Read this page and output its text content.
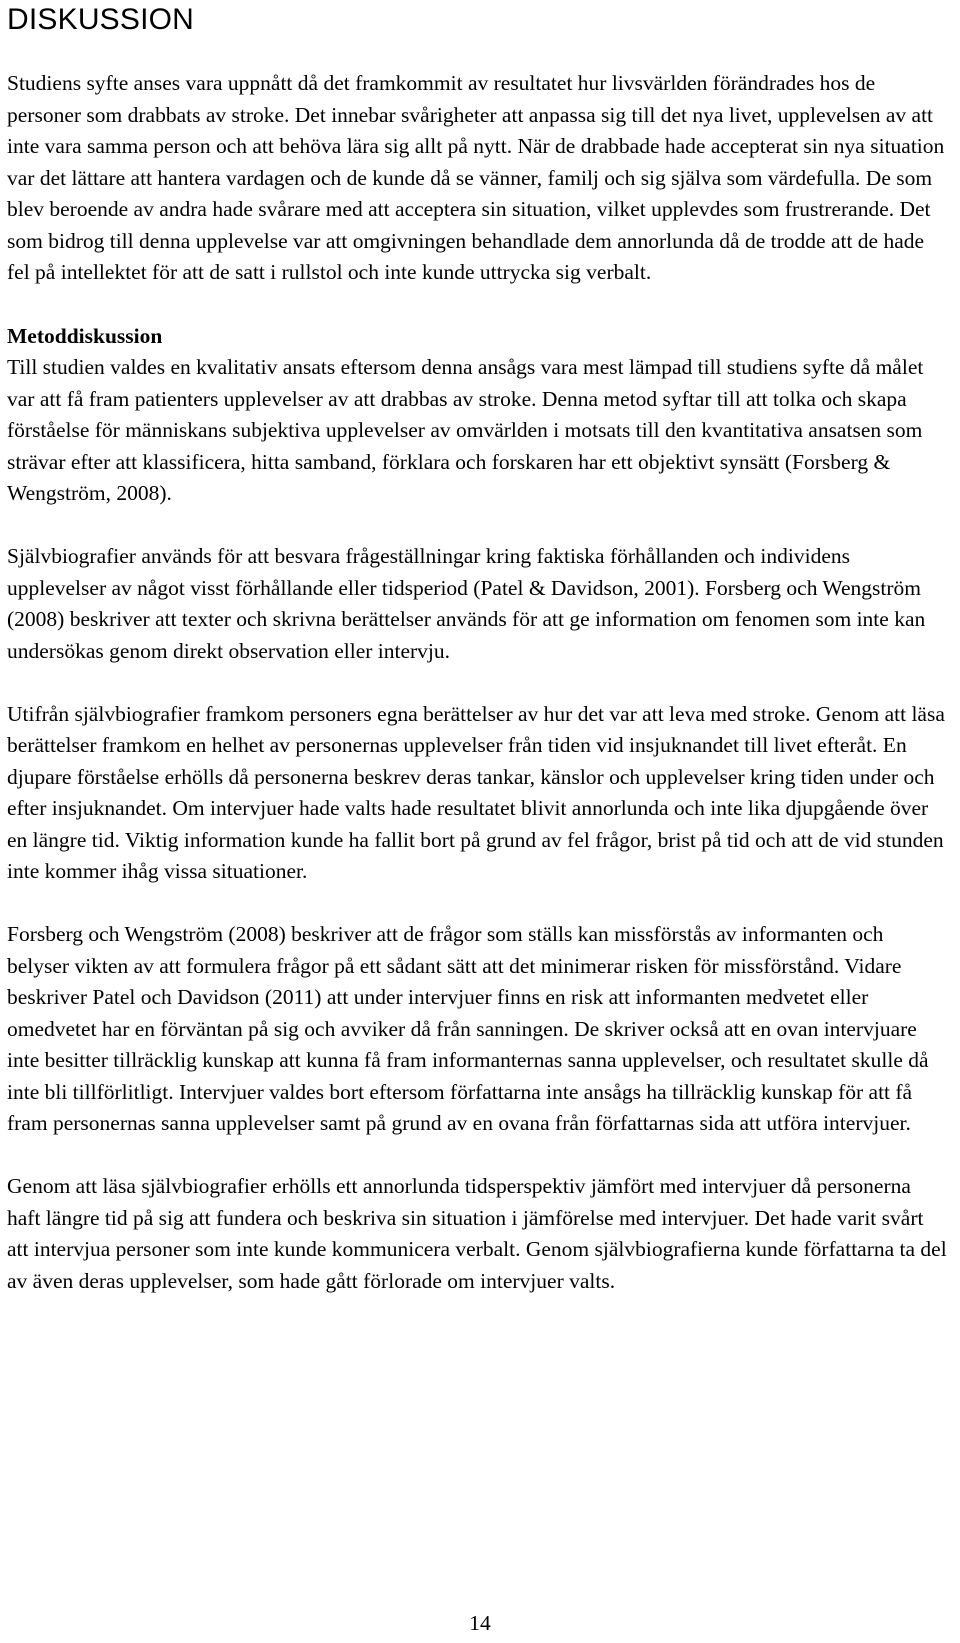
DISKUSSION

Studiens syfte anses vara uppnått då det framkommit av resultatet hur livsvärlden förändrades hos de personer som drabbats av stroke. Det innebar svårigheter att anpassa sig till det nya livet, upplevelsen av att inte vara samma person och att behöva lära sig allt på nytt. När de drabbade hade accepterat sin nya situation var det lättare att hantera vardagen och de kunde då se vänner, familj och sig själva som värdefulla. De som blev beroende av andra hade svårare med att acceptera sin situation, vilket upplevdes som frustrerande. Det som bidrog till denna upplevelse var att omgivningen behandlade dem annorlunda då de trodde att de hade fel på intellektet för att de satt i rullstol och inte kunde uttrycka sig verbalt.

Metoddiskussion

Till studien valdes en kvalitativ ansats eftersom denna ansågs vara mest lämpad till studiens syfte då målet var att få fram patienters upplevelser av att drabbas av stroke. Denna metod syftar till att tolka och skapa förståelse för människans subjektiva upplevelser av omvärlden i motsats till den kvantitativa ansatsen som strävar efter att klassificera, hitta samband, förklara och forskaren har ett objektivt synsätt (Forsberg & Wengström, 2008).

Självbiografier används för att besvara frågeställningar kring faktiska förhållanden och individens upplevelser av något visst förhållande eller tidsperiod (Patel & Davidson, 2001). Forsberg och Wengström (2008) beskriver att texter och skrivna berättelser används för att ge information om fenomen som inte kan undersökas genom direkt observation eller intervju.

Utifrån självbiografier framkom personers egna berättelser av hur det var att leva med stroke. Genom att läsa berättelser framkom en helhet av personernas upplevelser från tiden vid insjuknandet till livet efteråt. En djupare förståelse erhölls då personerna beskrev deras tankar, känslor och upplevelser kring tiden under och efter insjuknandet. Om intervjuer hade valts hade resultatet blivit annorlunda och inte lika djupgående över en längre tid. Viktig information kunde ha fallit bort på grund av fel frågor, brist på tid och att de vid stunden inte kommer ihåg vissa situationer.

Forsberg och Wengström (2008) beskriver att de frågor som ställs kan missförstås av informanten och belyser vikten av att formulera frågor på ett sådant sätt att det minimerar risken för missförstånd. Vidare beskriver Patel och Davidson (2011) att under intervjuer finns en risk att informanten medvetet eller omedvetet har en förväntan på sig och avviker då från sanningen. De skriver också att en ovan intervjuare inte besitter tillräcklig kunskap att kunna få fram informanternas sanna upplevelser, och resultatet skulle då inte bli tillförlitligt. Intervjuer valdes bort eftersom författarna inte ansågs ha tillräcklig kunskap för att få fram personernas sanna upplevelser samt på grund av en ovana från författarnas sida att utföra intervjuer.

Genom att läsa självbiografier erhölls ett annorlunda tidsperspektiv jämfört med intervjuer då personerna haft längre tid på sig att fundera och beskriva sin situation i jämförelse med intervjuer. Det hade varit svårt att intervjua personer som inte kunde kommunicera verbalt. Genom självbiografierna kunde författarna ta del av även deras upplevelser, som hade gått förlorade om intervjuer valts.

14
